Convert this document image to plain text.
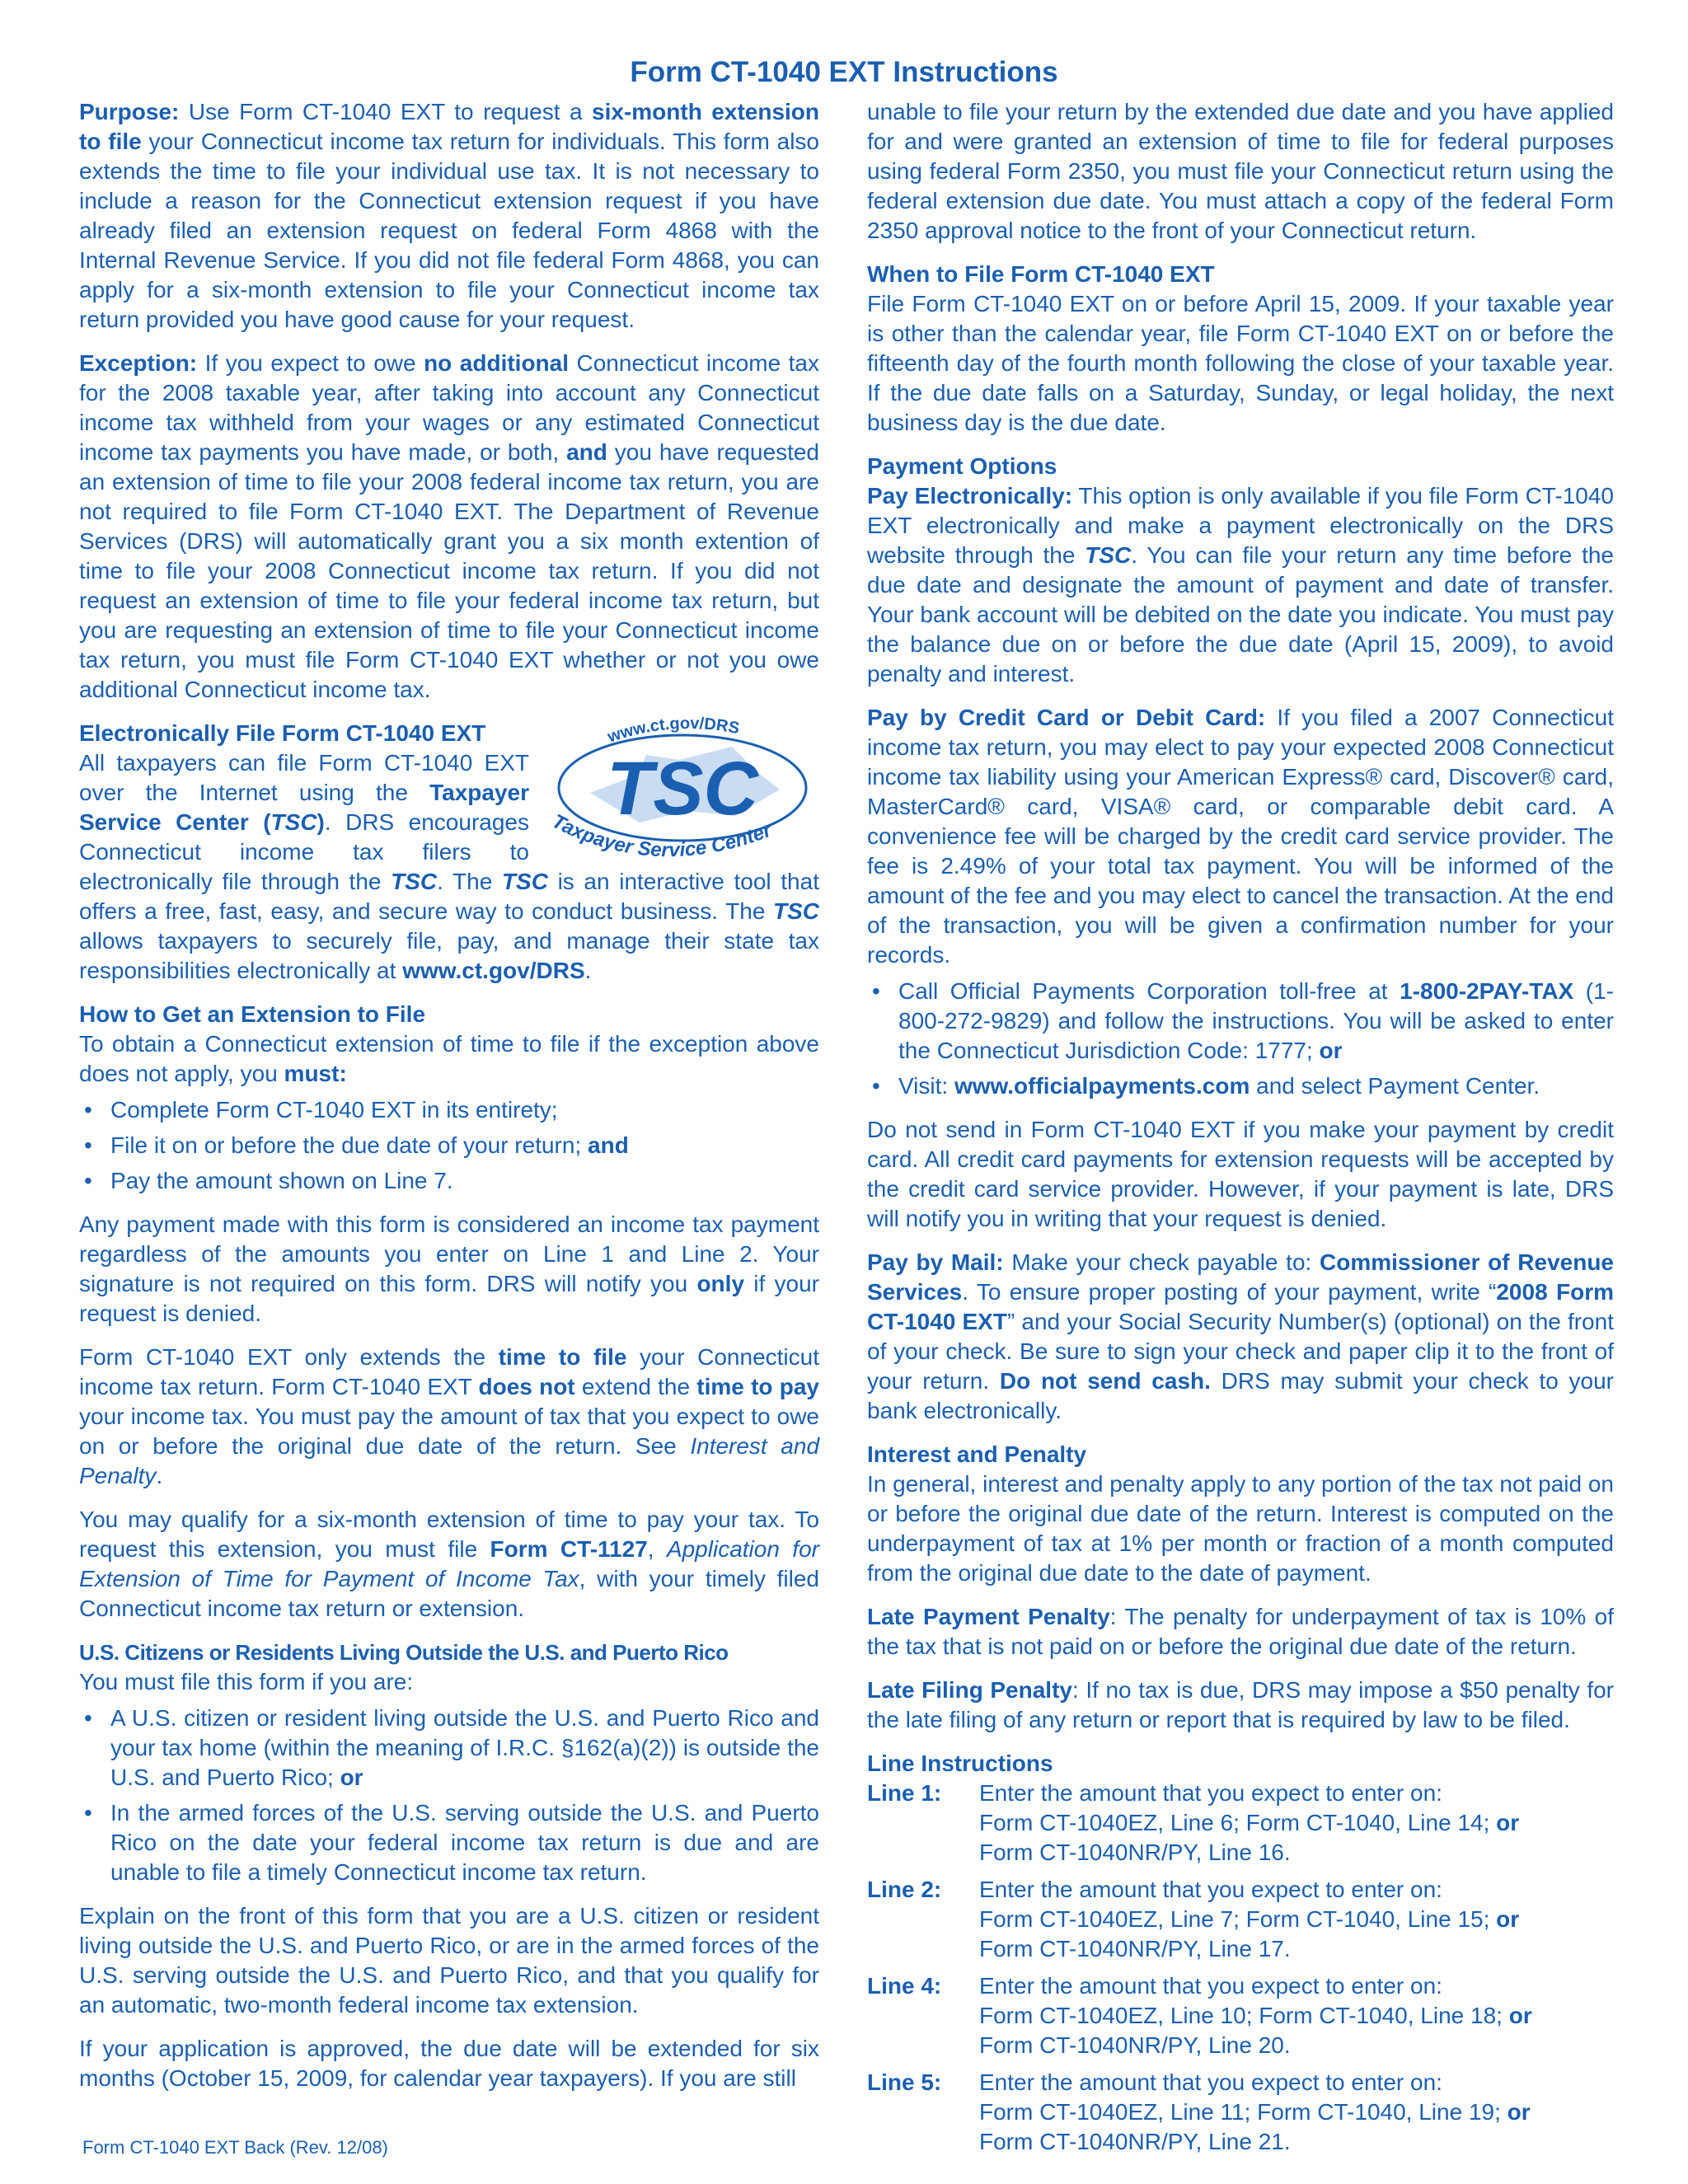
Form CT-1040 EXT Instructions

Purpose: Use Form CT-1040 EXT to request a six-month extension to file your Connecticut income tax return for individuals. This form also extends the time to file your individual use tax. It is not necessary to include a reason for the Connecticut extension request if you have already filed an extension request on federal Form 4868 with the Internal Revenue Service. If you did not file federal Form 4868, you can apply for a six-month extension to file your Connecticut income tax return provided you have good cause for your request.

Exception: If you expect to owe no additional Connecticut income tax for the 2008 taxable year, after taking into account any Connecticut income tax withheld from your wages or any estimated Connecticut income tax payments you have made, or both, and you have requested an extension of time to file your 2008 federal income tax return, you are not required to file Form CT-1040 EXT. The Department of Revenue Services (DRS) will automatically grant you a six month extention of time to file your 2008 Connecticut income tax return. If you did not request an extension of time to file your federal income tax return, but you are requesting an extension of time to file your Connecticut income tax return, you must file Form CT-1040 EXT whether or not you owe additional Connecticut income tax.

TSC
www.ct.gov/DRS
Taxpayer Service Center
Electronically File Form CT-1040 EXT

All taxpayers can file Form CT-1040 EXT over the Internet using the Taxpayer Service Center (TSC). DRS encourages Connecticut income tax filers to electronically file through the TSC. The TSC is an interactive tool that offers a free, fast, easy, and secure way to conduct business. The TSC allows taxpayers to securely file, pay, and manage their state tax responsibilities electronically at www.ct.gov/DRS.

How to Get an Extension to File

To obtain a Connecticut extension of time to file if the exception above does not apply, you must:

• Complete Form CT-1040 EXT in its entirety;
• File it on or before the due date of your return; and
• Pay the amount shown on Line 7.

Any payment made with this form is considered an income tax payment regardless of the amounts you enter on Line 1 and Line 2. Your signature is not required on this form. DRS will notify you only if your request is denied.

Form CT-1040 EXT only extends the time to file your Connecticut income tax return. Form CT-1040 EXT does not extend the time to pay your income tax. You must pay the amount of tax that you expect to owe on or before the original due date of the return. See Interest and Penalty.

You may qualify for a six-month extension of time to pay your tax. To request this extension, you must file Form CT-1127, Application for Extension of Time for Payment of Income Tax, with your timely filed Connecticut income tax return or extension.

U.S. Citizens or Residents Living Outside the U.S. and Puerto Rico

You must file this form if you are:

• A U.S. citizen or resident living outside the U.S. and Puerto Rico and your tax home (within the meaning of I.R.C. §162(a)(2)) is outside the U.S. and Puerto Rico; or
• In the armed forces of the U.S. serving outside the U.S. and Puerto Rico on the date your federal income tax return is due and are unable to file a timely Connecticut income tax return.

Explain on the front of this form that you are a U.S. citizen or resident living outside the U.S. and Puerto Rico, or are in the armed forces of the U.S. serving outside the U.S. and Puerto Rico, and that you qualify for an automatic, two-month federal income tax extension.

If your application is approved, the due date will be extended for six months (October 15, 2009, for calendar year taxpayers). If you are still

unable to file your return by the extended due date and you have applied for and were granted an extension of time to file for federal purposes using federal Form 2350, you must file your Connecticut return using the federal extension due date. You must attach a copy of the federal Form 2350 approval notice to the front of your Connecticut return.

When to File Form CT-1040 EXT

File Form CT-1040 EXT on or before April 15, 2009. If your taxable year is other than the calendar year, file Form CT-1040 EXT on or before the fifteenth day of the fourth month following the close of your taxable year. If the due date falls on a Saturday, Sunday, or legal holiday, the next business day is the due date.

Payment Options

Pay Electronically: This option is only available if you file Form CT-1040 EXT electronically and make a payment electronically on the DRS website through the TSC. You can file your return any time before the due date and designate the amount of payment and date of transfer. Your bank account will be debited on the date you indicate. You must pay the balance due on or before the due date (April 15, 2009), to avoid penalty and interest.

Pay by Credit Card or Debit Card: If you filed a 2007 Connecticut income tax return, you may elect to pay your expected 2008 Connecticut income tax liability using your American Express® card, Discover® card, MasterCard® card, VISA® card, or comparable debit card. A convenience fee will be charged by the credit card service provider. The fee is 2.49% of your total tax payment. You will be informed of the amount of the fee and you may elect to cancel the transaction. At the end of the transaction, you will be given a confirmation number for your records.

• Call Official Payments Corporation toll-free at 1-800-2PAY-TAX (1-800-272-9829) and follow the instructions. You will be asked to enter the Connecticut Jurisdiction Code: 1777; or
• Visit: www.officialpayments.com and select Payment Center.

Do not send in Form CT-1040 EXT if you make your payment by credit card. All credit card payments for extension requests will be accepted by the credit card service provider. However, if your payment is late, DRS will notify you in writing that your request is denied.

Pay by Mail: Make your check payable to: Commissioner of Revenue Services. To ensure proper posting of your payment, write “2008 Form CT-1040 EXT” and your Social Security Number(s) (optional) on the front of your check. Be sure to sign your check and paper clip it to the front of your return. Do not send cash. DRS may submit your check to your bank electronically.

Interest and Penalty

In general, interest and penalty apply to any portion of the tax not paid on or before the original due date of the return. Interest is computed on the underpayment of tax at 1% per month or fraction of a month computed from the original due date to the date of payment.

Late Payment Penalty: The penalty for underpayment of tax is 10% of the tax that is not paid on or before the original due date of the return.

Late Filing Penalty: If no tax is due, DRS may impose a $50 penalty for the late filing of any return or report that is required by law to be filed.

Line Instructions
Line 1:	Enter the amount that you expect to enter on:
Form CT-1040EZ, Line 6; Form CT-1040, Line 14; or
Form CT-1040NR/PY, Line 16.
Line 2:	Enter the amount that you expect to enter on:
Form CT-1040EZ, Line 7; Form CT-1040, Line 15; or
Form CT-1040NR/PY, Line 17.
Line 4:	Enter the amount that you expect to enter on:
Form CT-1040EZ, Line 10; Form CT-1040, Line 18; or
Form CT-1040NR/PY, Line 20.
Line 5:	Enter the amount that you expect to enter on:
Form CT-1040EZ, Line 11; Form CT-1040, Line 19; or
Form CT-1040NR/PY, Line 21.
Form CT-1040 EXT Back (Rev. 12/08)
